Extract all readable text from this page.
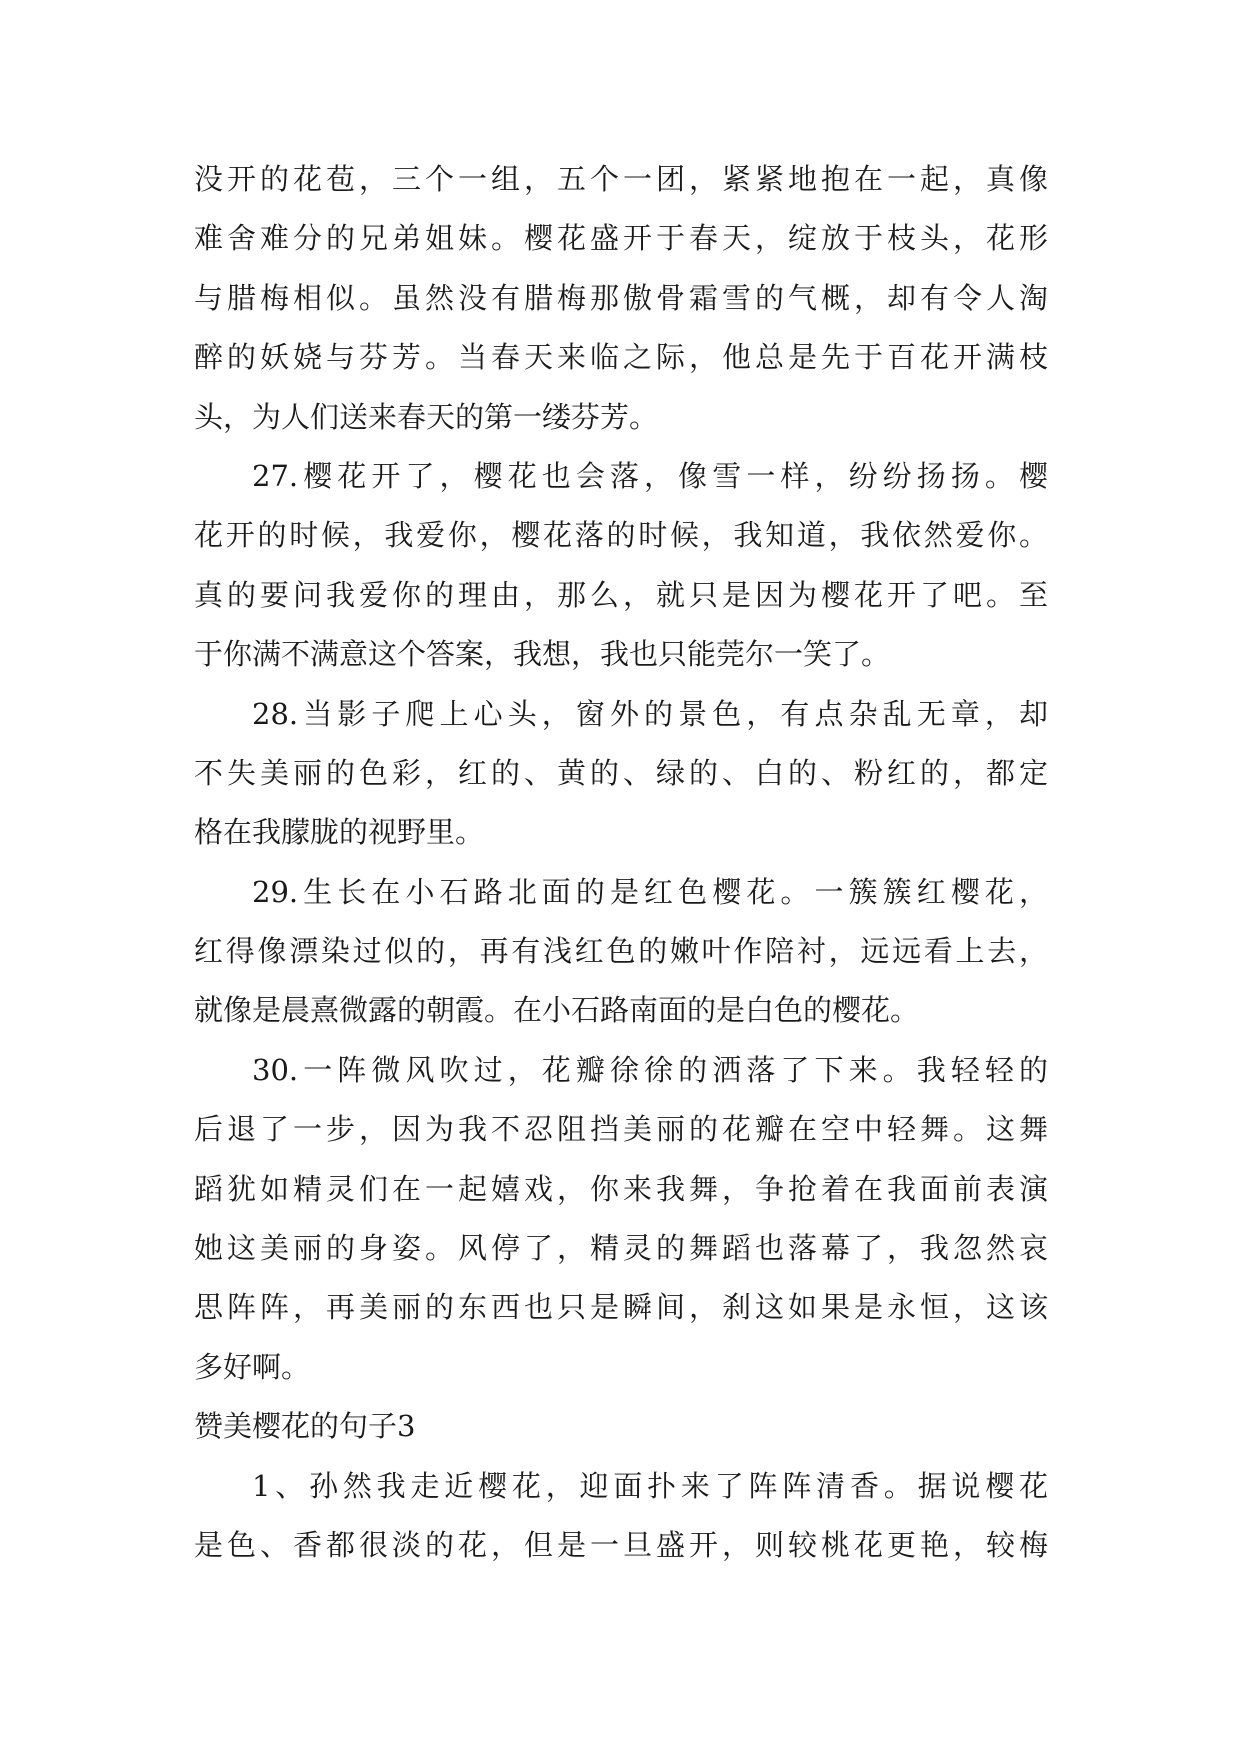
没开的花苞，三个一组，五个一团，紧紧地抱在一起，真像
难舍难分的兄弟姐妹。樱花盛开于春天，绽放于枝头，花形
与腊梅相似。虽然没有腊梅那傲骨霜雪的气概，却有令人淘
醉的妖娆与芬芳。当春天来临之际，他总是先于百花开满枝
头，为人们送来春天的第一缕芬芳。
27.樱花开了，樱花也会落，像雪一样，纷纷扬扬。樱
花开的时候，我爱你，樱花落的时候，我知道，我依然爱你。
真的要问我爱你的理由，那么，就只是因为樱花开了吧。至
于你满不满意这个答案，我想，我也只能莞尔一笑了。
28.当影子爬上心头，窗外的景色，有点杂乱无章，却
不失美丽的色彩，红的、黄的、绿的、白的、粉红的，都定
格在我朦胧的视野里。
29.生长在小石路北面的是红色樱花。一簇簇红樱花，
红得像漂染过似的，再有浅红色的嫩叶作陪衬，远远看上去，
就像是晨熹微露的朝霞。在小石路南面的是白色的樱花。
30.一阵微风吹过，花瓣徐徐的洒落了下来。我轻轻的
后退了一步，因为我不忍阻挡美丽的花瓣在空中轻舞。这舞
蹈犹如精灵们在一起嬉戏，你来我舞，争抢着在我面前表演
她这美丽的身姿。风停了，精灵的舞蹈也落幕了，我忽然哀
思阵阵，再美丽的东西也只是瞬间，刹这如果是永恒，这该
多好啊。
赞美樱花的句子3
1、孙然我走近樱花，迎面扑来了阵阵清香。据说樱花
是色、香都很淡的花，但是一旦盛开，则较桃花更艳，较梅
